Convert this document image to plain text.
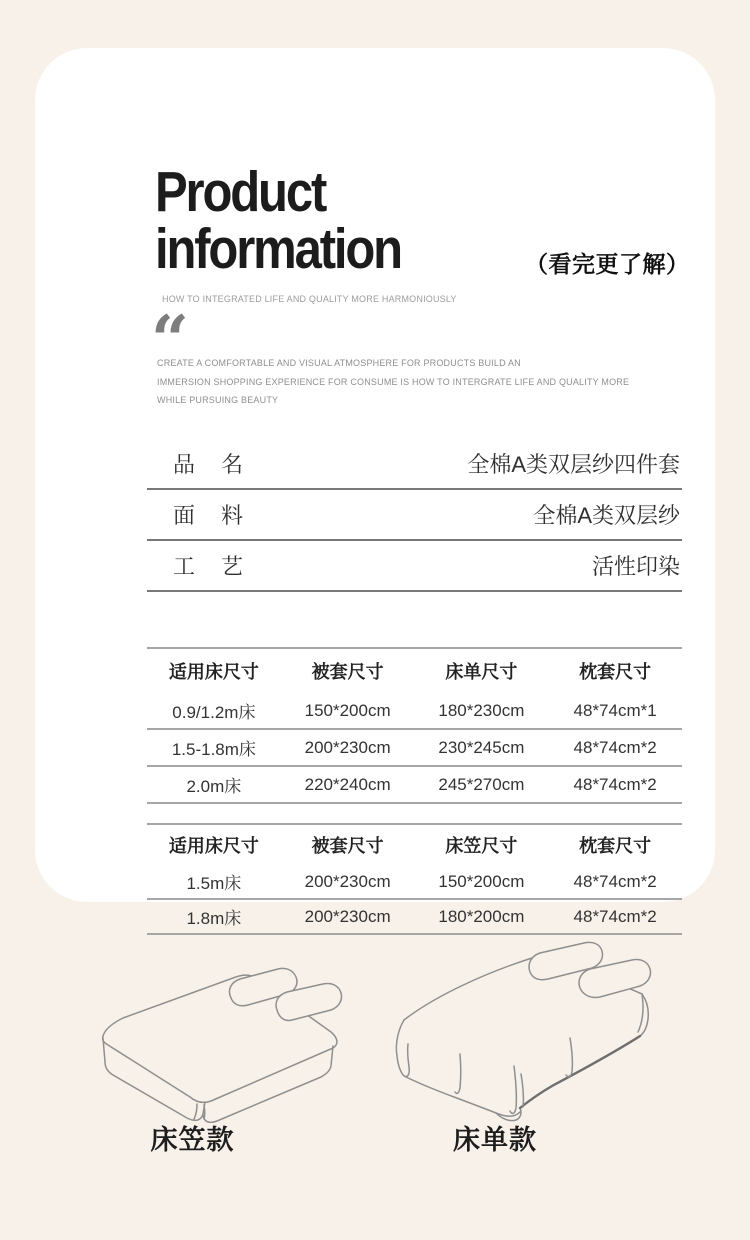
Product
information	（看完更了解）
HOW TO INTEGRATED LIFE AND QUALITY MORE HARMONIOUSLY
“

CREATE A COMFORTABLE AND VISUAL ATMOSPHERE FOR PRODUCTS BUILD AN

IMMERSION SHOPPING EXPERIENCE FOR CONSUME IS HOW TO INTERGRATE LIFE AND QUALITY MORE

WHILE PURSUING BEAUTY

品　名	全棉A类双层纱四件套
面　料	全棉A类双层纱
工　艺	活性印染
适用床尺寸	被套尺寸	床单尺寸	枕套尺寸
0.9/1.2m床	150*200cm	180*230cm	48*74cm*1
1.5-1.8m床	200*230cm	230*245cm	48*74cm*2
2.0m床	220*240cm	245*270cm	48*74cm*2
适用床尺寸	被套尺寸	床笠尺寸	枕套尺寸
1.5m床	200*230cm	150*200cm	48*74cm*2
1.8m床	200*230cm	180*200cm	48*74cm*2
床笠款	床单款
